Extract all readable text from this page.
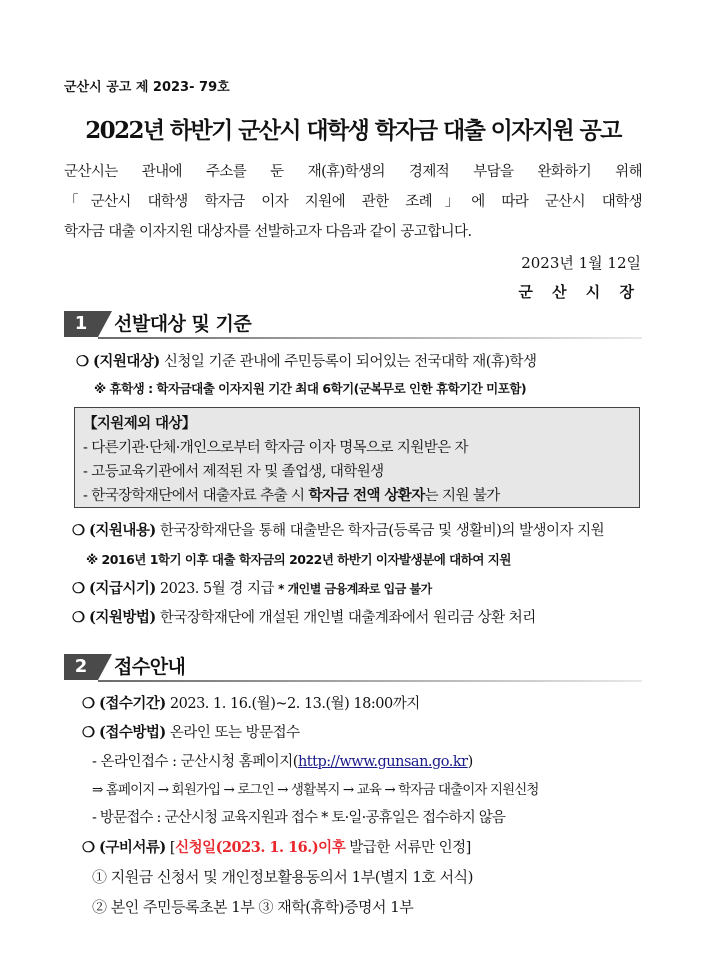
군산시 공고 제 2023- 79호
2022년 하반기 군산시 대학생 학자금 대출 이자지원 공고
군산시는 관내에 주소를 둔 재(휴)학생의 경제적 부담을 완화하기 위해
「군산시 대학생 학자금 이자 지원에 관한 조례」에 따라 군산시 대학생
학자금 대출 이자지원 대상자를 선발하고자 다음과 같이 공고합니다.
2023년 1월 12일
군 산 시 장
1	선발대상 및 기준
❍ (지원대상) 신청일 기준 관내에 주민등록이 되어있는 전국대학 재(휴)학생
※ 휴학생 : 학자금대출 이자지원 기간 최대 6학기(군복무로 인한 휴학기간 미포함)
【지원제외 대상】
- 다른기관·단체·개인으로부터 학자금 이자 명목으로 지원받은 자
- 고등교육기관에서 제적된 자 및 졸업생, 대학원생
- 한국장학재단에서 대출자료 추출 시 학자금 전액 상환자는 지원 불가
❍ (지원내용) 한국장학재단을 통해 대출받은 학자금(등록금 및 생활비)의 발생이자 지원
※ 2016년 1학기 이후 대출 학자금의 2022년 하반기 이자발생분에 대하여 지원
❍ (지급시기) 2023. 5월 경 지급 * 개인별 금융계좌로 입금 불가
❍ (지원방법) 한국장학재단에 개설된 개인별 대출계좌에서 원리금 상환 처리
2	접수안내
❍ (접수기간) 2023. 1. 16.(월)~2. 13.(월) 18:00까지
❍ (접수방법) 온라인 또는 방문접수
- 온라인접수 : 군산시청 홈페이지(http://www.gunsan.go.kr)
⇒ 홈페이지 → 회원가입 → 로그인 → 생활복지 → 교육 → 학자금 대출이자 지원신청
- 방문접수 : 군산시청 교육지원과 접수 * 토·일·공휴일은 접수하지 않음
❍ (구비서류) [신청일(2023. 1. 16.)이후 발급한 서류만 인정]
① 지원금 신청서 및 개인정보활용동의서 1부(별지 1호 서식)
② 본인 주민등록초본 1부 ③ 재학(휴학)증명서 1부
